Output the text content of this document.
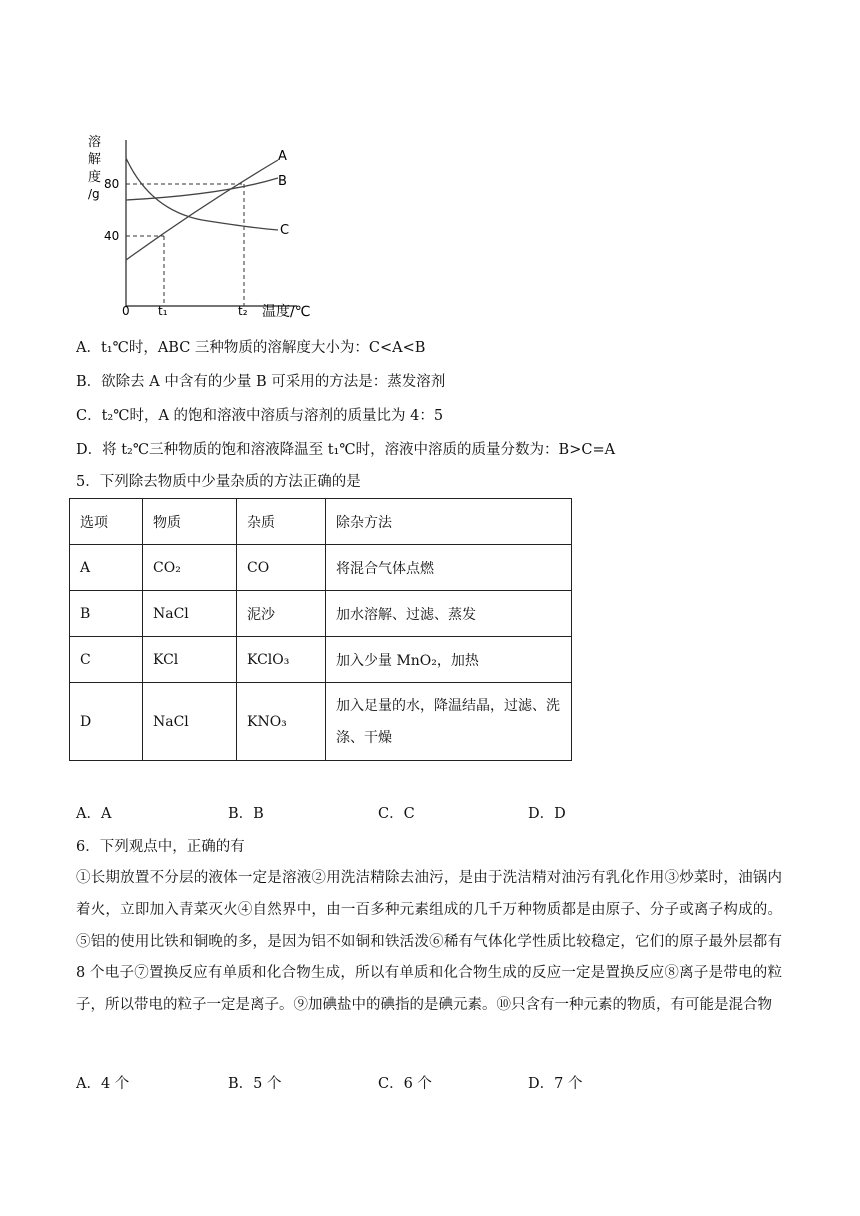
溶
解
度
/g
80
40
0 t₁	t₂ 温度/℃
A
B
C
A．t₁℃时，ABC 三种物质的溶解度大小为：C<A<B
B．欲除去 A 中含有的少量 B 可采用的方法是：蒸发溶剂
C．t₂℃时，A 的饱和溶液中溶质与溶剂的质量比为 4：5
D．将 t₂℃三种物质的饱和溶液降温至 t₁℃时，溶液中溶质的质量分数为：B>C=A
5．下列除去物质中少量杂质的方法正确的是
选项	物质	杂质	除杂方法
A	CO₂	CO	将混合气体点燃
B	NaCl	泥沙	加水溶解、过滤、蒸发
C	KCl	KClO₃	加入少量 MnO₂，加热
D	NaCl	KNO₃	加入足量的水，降温结晶，过滤、洗涤、干燥
A．A	B．B	C．C	D．D
6．下列观点中，正确的有
①长期放置不分层的液体一定是溶液②用洗洁精除去油污，是由于洗洁精对油污有乳化作用③炒菜时，油锅内着火，立即加入青菜灭火④自然界中，由一百多种元素组成的几千万种物质都是由原子、分子或离子构成的。⑤铝的使用比铁和铜晚的多，是因为铝不如铜和铁活泼⑥稀有气体化学性质比较稳定，它们的原子最外层都有 8 个电子⑦置换反应有单质和化合物生成，所以有单质和化合物生成的反应一定是置换反应⑧离子是带电的粒子，所以带电的粒子一定是离子。⑨加碘盐中的碘指的是碘元素。⑩只含有一种元素的物质，有可能是混合物
A．4 个	B．5 个	C．6 个	D．7 个
